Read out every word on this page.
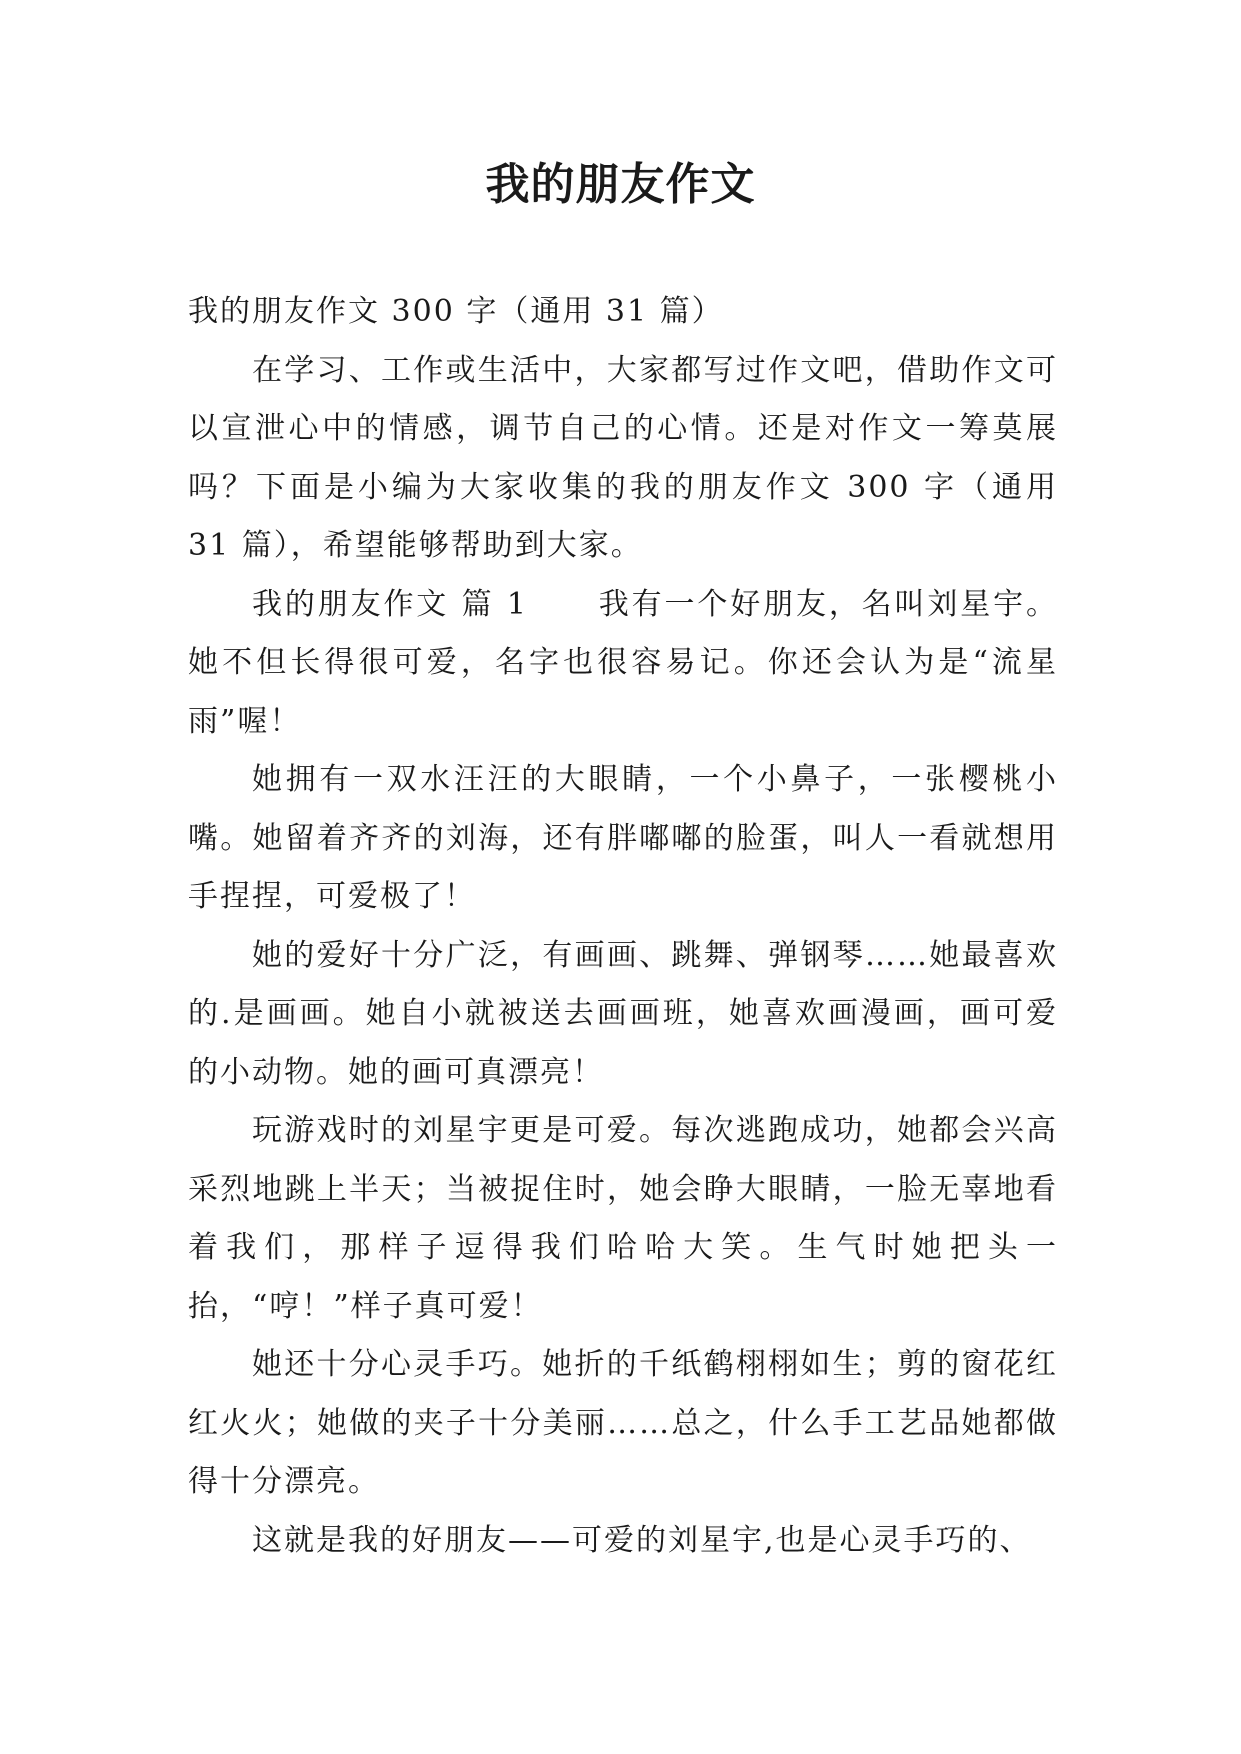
我的朋友作文

我的朋友作文 300 字（通用 31 篇）

在学习、工作或生活中，大家都写过作文吧，借助作文可以宣泄心中的情感，调节自己的心情。还是对作文一筹莫展吗？下面是小编为大家收集的我的朋友作文 300 字（通用 31 篇），希望能够帮助到大家。

我的朋友作文 篇 1 我有一个好朋友，名叫刘星宇。她不但长得很可爱，名字也很容易记。你还会认为是“流星雨”喔！

她拥有一双水汪汪的大眼睛，一个小鼻子，一张樱桃小嘴。她留着齐齐的刘海，还有胖嘟嘟的脸蛋，叫人一看就想用手捏捏，可爱极了！

她的爱好十分广泛，有画画、跳舞、弹钢琴……她最喜欢的.是画画。她自小就被送去画画班，她喜欢画漫画，画可爱的小动物。她的画可真漂亮！

玩游戏时的刘星宇更是可爱。每次逃跑成功，她都会兴高采烈地跳上半天；当被捉住时，她会睁大眼睛，一脸无辜地看着我们，那样子逗得我们哈哈大笑。生气时她把头一抬，“哼！”样子真可爱！

她还十分心灵手巧。她折的千纸鹤栩栩如生；剪的窗花红红火火；她做的夹子十分美丽……总之，什么手工艺品她都做得十分漂亮。

这就是我的好朋友——可爱的刘星宇,也是心灵手巧的、
